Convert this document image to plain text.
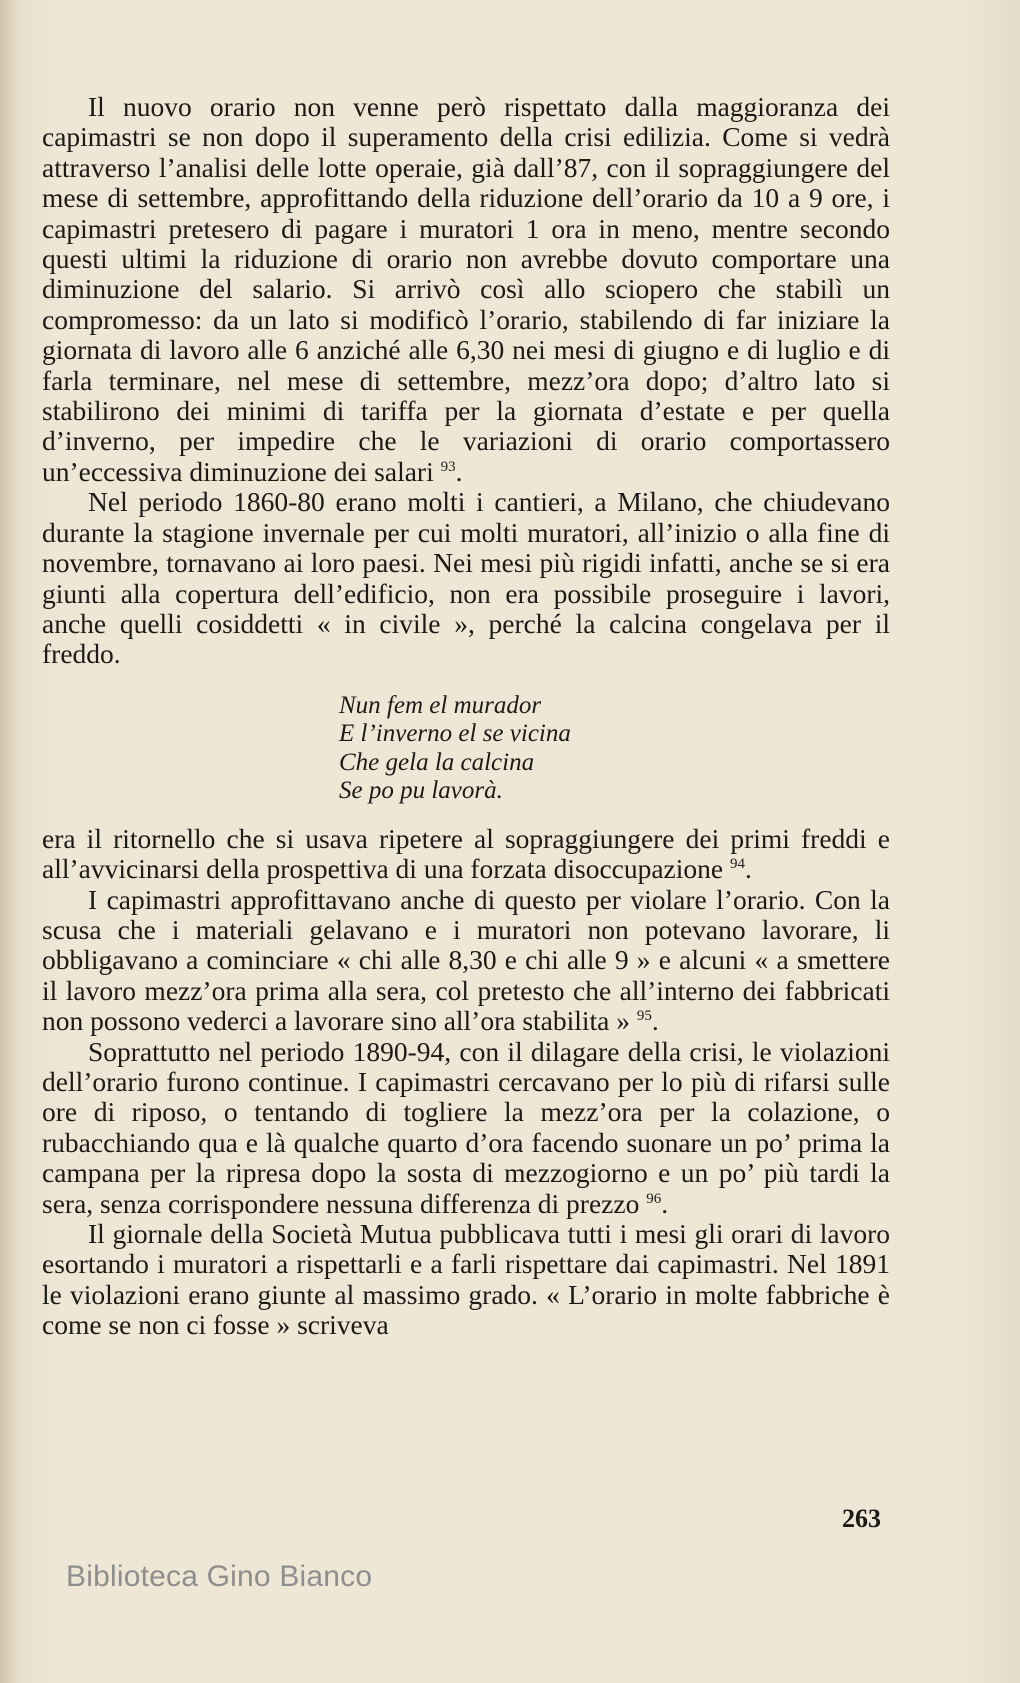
Il nuovo orario non venne però rispettato dalla maggioranza dei capimastri se non dopo il superamento della crisi edilizia. Come si vedrà attraverso l’analisi delle lotte operaie, già dall’87, con il sopraggiungere del mese di settembre, approfittando della riduzione dell’orario da 10 a 9 ore, i capimastri pretesero di pagare i muratori 1 ora in meno, mentre secondo questi ultimi la riduzione di orario non avrebbe dovuto comportare una diminuzione del salario. Si arrivò così allo sciopero che stabilì un compromesso: da un lato si modificò l’orario, stabilendo di far iniziare la giornata di lavoro alle 6 anziché alle 6,30 nei mesi di giugno e di luglio e di farla terminare, nel mese di settembre, mezz’ora dopo; d’altro lato si stabilirono dei minimi di tariffa per la giornata d’estate e per quella d’inverno, per impedire che le variazioni di orario comportassero un’eccessiva diminuzione dei salari $^{93}$.

Nel periodo 1860-80 erano molti i cantieri, a Milano, che chiudevano durante la stagione invernale per cui molti muratori, all’inizio o alla fine di novembre, tornavano ai loro paesi. Nei mesi più rigidi infatti, anche se si era giunti alla copertura dell’edificio, non era possibile proseguire i lavori, anche quelli cosiddetti « in civile », perché la calcina congelava per il freddo.

Nun fem el murador
E l’inverno el se vicina
Che gela la calcina
Se po pu lavorà.

era il ritornello che si usava ripetere al sopraggiungere dei primi freddi e all’avvicinarsi della prospettiva di una forzata disoccupazione $^{94}$.

I capimastri approfittavano anche di questo per violare l’orario. Con la scusa che i materiali gelavano e i muratori non potevano lavorare, li obbligavano a cominciare « chi alle 8,30 e chi alle 9 » e alcuni « a smettere il lavoro mezz’ora prima alla sera, col pretesto che all’interno dei fabbricati non possono vederci a lavorare sino all’ora stabilita » $^{95}$.

Soprattutto nel periodo 1890-94, con il dilagare della crisi, le violazioni dell’orario furono continue. I capimastri cercavano per lo più di rifarsi sulle ore di riposo, o tentando di togliere la mezz’ora per la colazione, o rubacchiando qua e là qualche quarto d’ora facendo suonare un po’ prima la campana per la ripresa dopo la sosta di mezzogiorno e un po’ più tardi la sera, senza corrispondere nessuna differenza di prezzo $^{96}$.

Il giornale della Società Mutua pubblicava tutti i mesi gli orari di lavoro esortando i muratori a rispettarli e a farli rispettare dai capimastri. Nel 1891 le violazioni erano giunte al massimo grado. « L’orario in molte fabbriche è come se non ci fosse » scriveva

263
Biblioteca Gino Bianco
